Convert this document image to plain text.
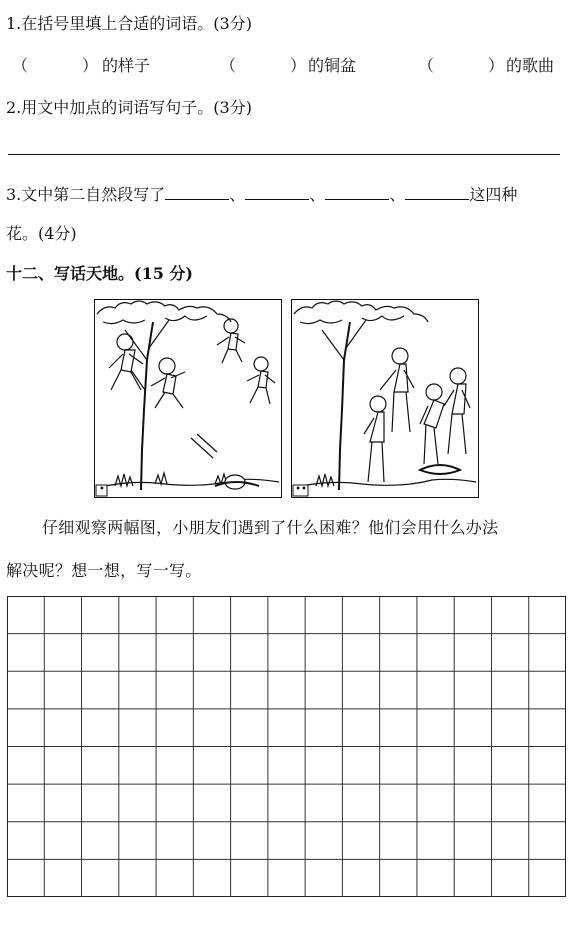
1.在括号里填上合适的词语。(3分)
（	） 的样子	（	） 的铜盆	（	） 的歌曲
2.用文中加点的词语写句子。(3分)
3.文中第二自然段写了	、	、	、	这四种
花。(4分)
十二、写话天地。(15 分)
•	••
仔细观察两幅图，小朋友们遇到了什么困难？他们会用什么办法
解决呢？想一想，写一写。
